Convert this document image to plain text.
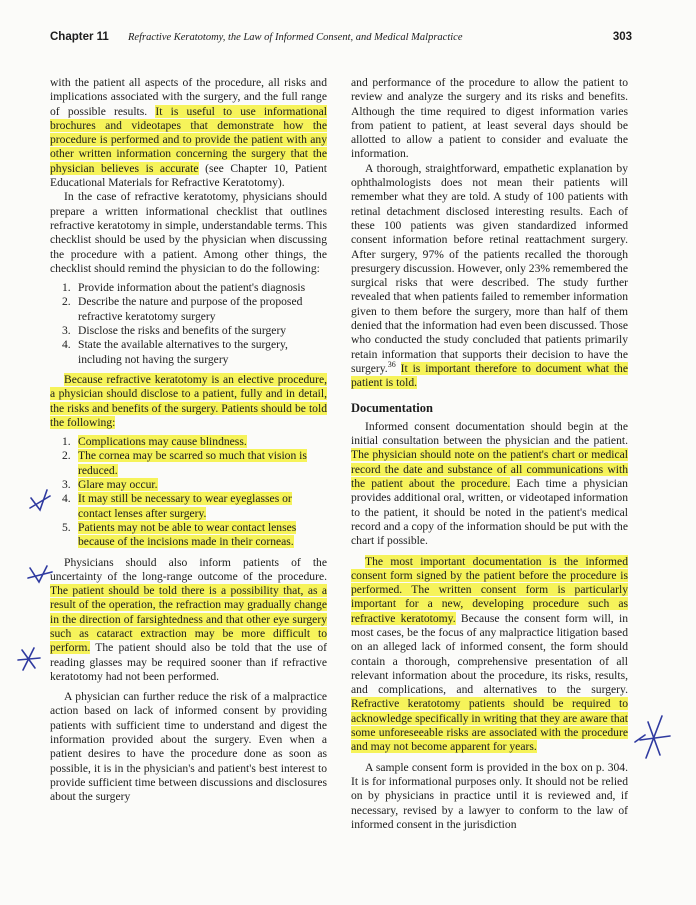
Chapter 11 Refractive Keratotomy, the Law of Informed Consent, and Medical Malpractice	303

with the patient all aspects of the procedure, all risks and implications associated with the surgery, and the full range of possible results. It is useful to use informational brochures and videotapes that demonstrate how the procedure is performed and to provide the patient with any other written information concerning the surgery that the physician believes is accurate (see Chapter 10, Patient Educational Materials for Refractive Keratotomy).

In the case of refractive keratotomy, physicians should prepare a written informational checklist that outlines refractive keratotomy in simple, understandable terms. This checklist should be used by the physician when discussing the procedure with a patient. Among other things, the checklist should remind the physician to do the following:

1. Provide information about the patient's diagnosis
2. Describe the nature and purpose of the proposed refractive keratotomy surgery
3. Disclose the risks and benefits of the surgery
4. State the available alternatives to the surgery, including not having the surgery

Because refractive keratotomy is an elective procedure, a physician should disclose to a patient, fully and in detail, the risks and benefits of the surgery. Patients should be told the following:

1. Complications may cause blindness.
2. The cornea may be scarred so much that vision is reduced.
3. Glare may occur.
4. It may still be necessary to wear eyeglasses or contact lenses after surgery.
5. Patients may not be able to wear contact lenses because of the incisions made in their corneas.

Physicians should also inform patients of the uncertainty of the long-range outcome of the procedure. The patient should be told there is a possibility that, as a result of the operation, the refraction may gradually change in the direction of farsightedness and that other eye surgery such as cataract extraction may be more difficult to perform. The patient should also be told that the use of reading glasses may be required sooner than if refractive keratotomy had not been performed.

A physician can further reduce the risk of a malpractice action based on lack of informed consent by providing patients with sufficient time to understand and digest the information provided about the surgery. Even when a patient desires to have the procedure done as soon as possible, it is in the physician's and patient's best interest to provide sufficient time between discussions and disclosures about the surgery

and performance of the procedure to allow the patient to review and analyze the surgery and its risks and benefits. Although the time required to digest information varies from patient to patient, at least several days should be allotted to allow a patient to consider and evaluate the information.

A thorough, straightforward, empathetic explanation by ophthalmologists does not mean their patients will remember what they are told. A study of 100 patients with retinal detachment disclosed interesting results. Each of these 100 patients was given standardized informed consent information before retinal reattachment surgery. After surgery, 97% of the patients recalled the thorough presurgery discussion. However, only 23% remembered the surgical risks that were described. The study further revealed that when patients failed to remember information given to them before the surgery, more than half of them denied that the information had even been discussed. Those who conducted the study concluded that patients primarily retain information that supports their decision to have the surgery.$^{36}$ It is important therefore to document what the patient is told.

Documentation

Informed consent documentation should begin at the initial consultation between the physician and the patient. The physician should note on the patient's chart or medical record the date and substance of all communications with the patient about the procedure. Each time a physician provides additional oral, written, or videotaped information to the patient, it should be noted in the patient's medical record and a copy of the information should be put with the chart if possible.

The most important documentation is the informed consent form signed by the patient before the procedure is performed. The written consent form is particularly important for a new, developing procedure such as refractive keratotomy. Because the consent form will, in most cases, be the focus of any malpractice litigation based on an alleged lack of informed consent, the form should contain a thorough, comprehensive presentation of all relevant information about the procedure, its risks, results, and complications, and alternatives to the surgery. Refractive keratotomy patients should be required to acknowledge specifically in writing that they are aware that some unforeseeable risks are associated with the procedure and may not become apparent for years.

A sample consent form is provided in the box on p. 304. It is for informational purposes only. It should not be relied on by physicians in practice until it is reviewed and, if necessary, revised by a lawyer to conform to the law of informed consent in the jurisdiction
